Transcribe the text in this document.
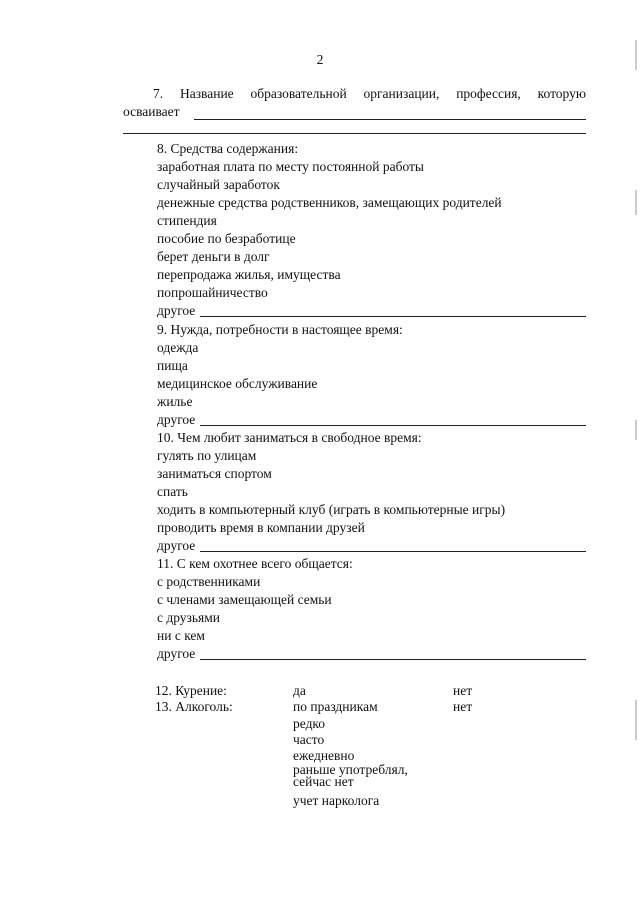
2
7. Название образовательной организации, профессия, которую
осваивает
8. Средства содержания:
заработная плата по месту постоянной работы
случайный заработок
денежные средства родственников, замещающих родителей
стипендия
пособие по безработице
берет деньги в долг
перепродажа жилья, имущества
попрошайничество
другое
9. Нужда, потребности в настоящее время:
одежда
пища
медицинское обслуживание
жилье
другое
10. Чем любит заниматься в свободное время:
гулять по улицам
заниматься спортом
спать
ходить в компьютерный клуб (играть в компьютерные игры)
проводить время в компании друзей
другое
11. С кем охотнее всего общается:
с родственниками
с членами замещающей семьи
с друзьями
ни с кем
другое
12. Курение:	да	нет
13. Алкоголь:	по праздникам	нет
редко
часто
ежедневно
раньше употреблял,
сейчас нет
учет нарколога
